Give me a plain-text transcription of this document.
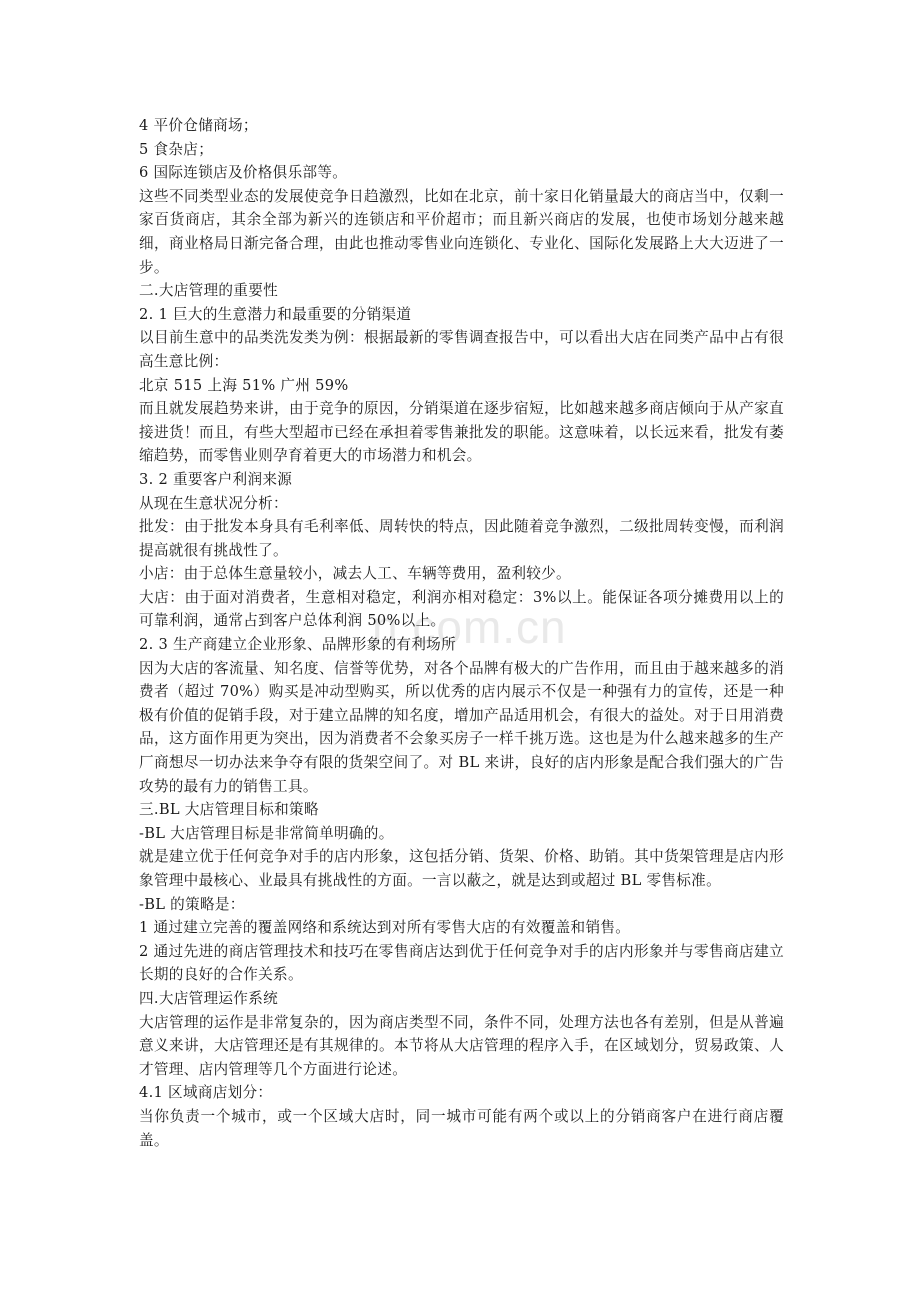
n.com.cn

4 平价仓储商场；

5 食杂店；

6 国际连锁店及价格俱乐部等。

这些不同类型业态的发展使竞争日趋激烈，比如在北京，前十家日化销量最大的商店当中，仅剩一家百货商店，其余全部为新兴的连锁店和平价超市；而且新兴商店的发展，也使市场划分越来越细，商业格局日渐完备合理，由此也推动零售业向连锁化、专业化、国际化发展路上大大迈进了一步。

二.大店管理的重要性

2. 1 巨大的生意潜力和最重要的分销渠道

以目前生意中的品类洗发类为例：根据最新的零售调查报告中，可以看出大店在同类产品中占有很高生意比例：

北京 515 上海 51% 广州 59%

而且就发展趋势来讲，由于竞争的原因，分销渠道在逐步宿短，比如越来越多商店倾向于从产家直接进货！而且，有些大型超市已经在承担着零售兼批发的职能。这意味着，以长远来看，批发有萎缩趋势，而零售业则孕育着更大的市场潜力和机会。

3. 2 重要客户利润来源

从现在生意状况分析：

批发：由于批发本身具有毛利率低、周转快的特点，因此随着竞争激烈，二级批周转变慢，而利润提高就很有挑战性了。

小店：由于总体生意量较小，减去人工、车辆等费用，盈利较少。

大店：由于面对消费者，生意相对稳定，利润亦相对稳定：3%以上。能保证各项分摊费用以上的可靠利润，通常占到客户总体利润 50%以上。

2. 3 生产商建立企业形象、品牌形象的有利场所

因为大店的客流量、知名度、信誉等优势，对各个品牌有极大的广告作用，而且由于越来越多的消费者（超过 70%）购买是冲动型购买，所以优秀的店内展示不仅是一种强有力的宣传，还是一种极有价值的促销手段，对于建立品牌的知名度，增加产品适用机会，有很大的益处。对于日用消费品，这方面作用更为突出，因为消费者不会象买房子一样千挑万选。这也是为什么越来越多的生产厂商想尽一切办法来争夺有限的货架空间了。对 BL 来讲，良好的店内形象是配合我们强大的广告攻势的最有力的销售工具。

三.BL 大店管理目标和策略

-BL 大店管理目标是非常简单明确的。

就是建立优于任何竞争对手的店内形象，这包括分销、货架、价格、助销。其中货架管理是店内形象管理中最核心、业最具有挑战性的方面。一言以蔽之，就是达到或超过 BL 零售标准。

-BL 的策略是：

1 通过建立完善的覆盖网络和系统达到对所有零售大店的有效覆盖和销售。

2 通过先进的商店管理技术和技巧在零售商店达到优于任何竞争对手的店内形象并与零售商店建立长期的良好的合作关系。

四.大店管理运作系统

大店管理的运作是非常复杂的，因为商店类型不同，条件不同，处理方法也各有差别，但是从普遍意义来讲，大店管理还是有其规律的。本节将从大店管理的程序入手，在区域划分，贸易政策、人才管理、店内管理等几个方面进行论述。

4.1 区域商店划分：

当你负责一个城市，或一个区域大店时，同一城市可能有两个或以上的分销商客户在进行商店覆盖。
